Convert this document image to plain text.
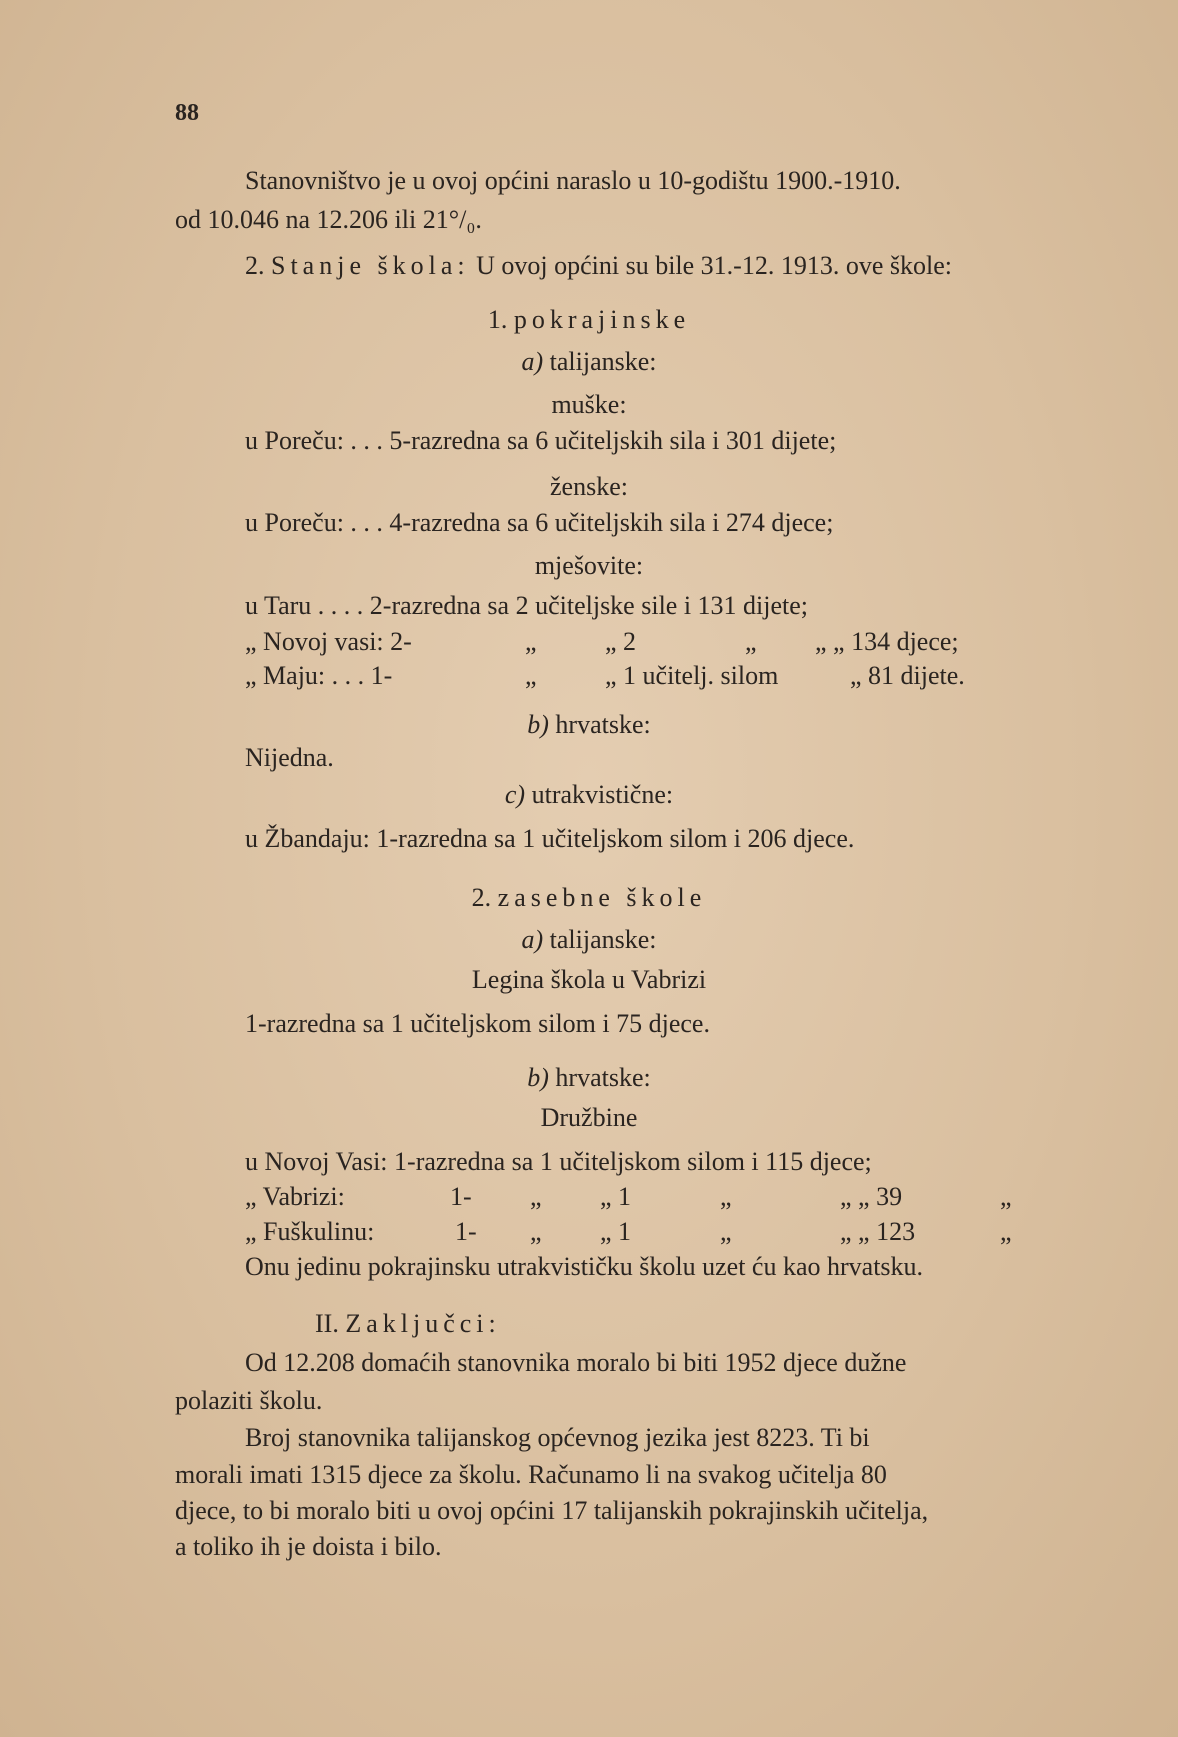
88
Stanovništvo je u ovoj općini naraslo u 10-godištu 1900.-1910.
od 10.046 na 12.206 ili 21°/₀.
2. Stanje škola: U ovoj općini su bile 31.-12. 1913. ove škole:
1. pokrajinske
a) talijanske:
muške:
u Poreču: . . . 5-razredna sa 6 učiteljskih sila i 301 dijete;
ženske:
u Poreču: . . . 4-razredna sa 6 učiteljskih sila i 274 djece;
mješovite:
u Taru . . . . 2-razredna sa 2 učiteljske sile i 131 dijete;
„ Novoj vasi: 2-	„	„ 2	„ „ „ 134 djece;
„ Maju: . . . 1-	„	„ 1 učitelj. silom	„ 81 dijete.
b) hrvatske:
Nijedna.
c) utrakvistične:
u Žbandaju: 1-razredna sa 1 učiteljskom silom i 206 djece.
2. zasebne škole
a) talijanske:
Legina škola u Vabrizi
1-razredna sa 1 učiteljskom silom i 75 djece.
b) hrvatske:
Družbine
u Novoj Vasi: 1-razredna sa 1 učiteljskom silom i 115 djece;
„ Vabrizi:	1- „ „ 1	„	„ „ 39	„
„ Fuškulinu:	1- „ „ 1	„	„ „ 123	„
Onu jedinu pokrajinsku utrakvističku školu uzet ću kao hrvatsku.
II. Zaključci:
Od 12.208 domaćih stanovnika moralo bi biti 1952 djece dužne
polaziti školu.
Broj stanovnika talijanskog općevnog jezika jest 8223. Ti bi
morali imati 1315 djece za školu. Računamo li na svakog učitelja 80
djece, to bi moralo biti u ovoj općini 17 talijanskih pokrajinskih učitelja,
a toliko ih je doista i bilo.
